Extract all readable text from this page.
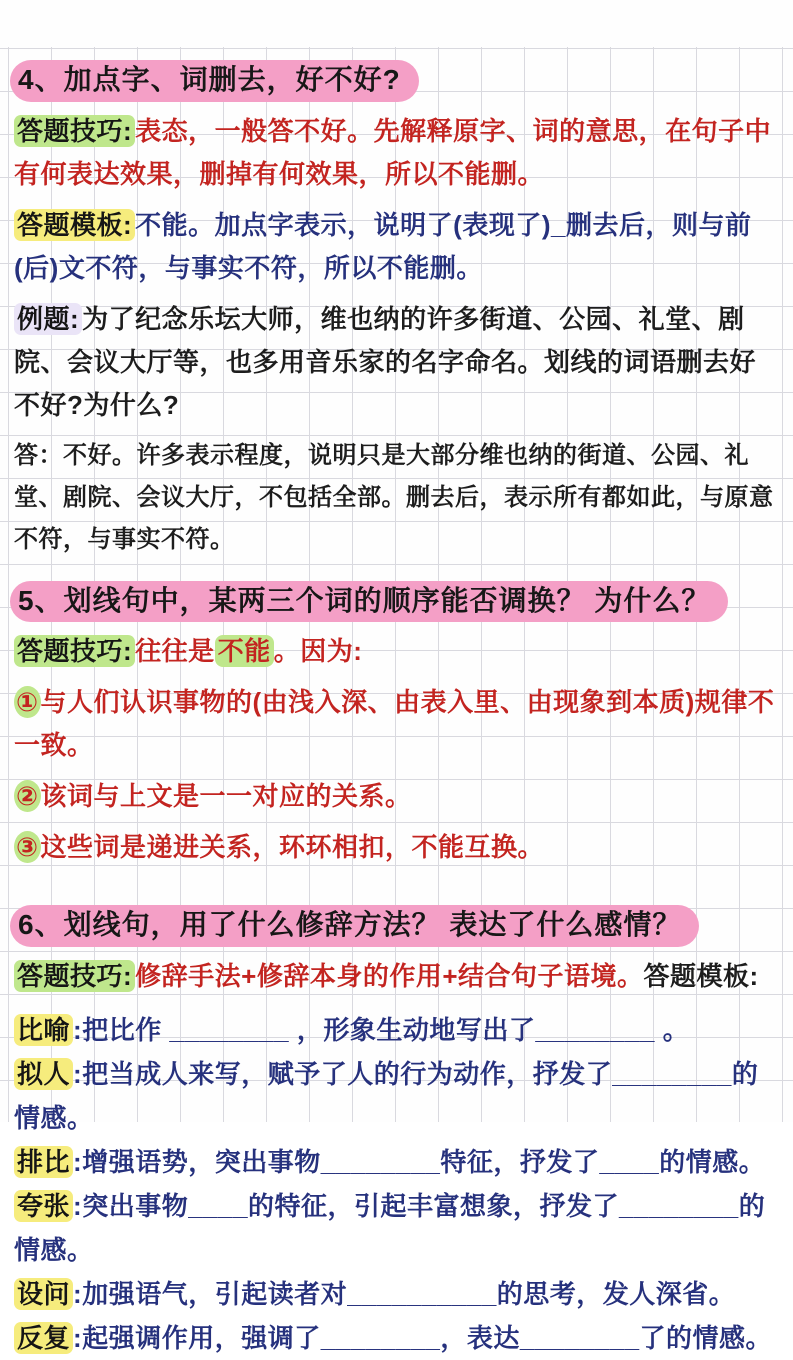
4、加点字、词删去，好不好?
答题技巧: 表态，一般答不好。先解释原字、词的意思，在句子中有何表达效果，删掉有何效果，所以不能删。
答题模板: 不能。加点字表示，说明了(表现了)_删去后，则与前(后)文不符，与事实不符，所以不能删。
例题: 为了纪念乐坛大师，维也纳的许多街道、公园、礼堂、剧院、会议大厅等，也多用音乐家的名字命名。划线的词语删去好不好?为什么?
答：不好。许多表示程度，说明只是大部分维也纳的街道、公园、礼堂、剧院、会议大厅，不包括全部。删去后，表示所有都如此，与原意不符，与事实不符。
5、划线句中，某两三个词的顺序能否调换？ 为什么？
答题技巧: 往往是 不能 。因为:
①与人们认识事物的(由浅入深、由表入里、由现象到本质)规律不一致。
②该词与上文是一一对应的关系。
③这些词是递进关系，环环相扣，不能互换。
6、划线句，用了什么修辞方法？ 表达了什么感情？
答题技巧: 修辞手法+修辞本身的作用+结合句子语境。答题模板:
比喻 :把比作 ________ ，形象生动地写出了________ 。
拟人 :把当成人来写，赋予了人的行为动作，抒发了________的情感。
排比 :增强语势，突出事物________特征，抒发了____的情感。
夸张 :突出事物____的特征，引起丰富想象，抒发了________的情感。
设问 :加强语气，引起读者对__________的思考，发人深省。
反复 :起强调作用，强调了________，表达________了的情感。
